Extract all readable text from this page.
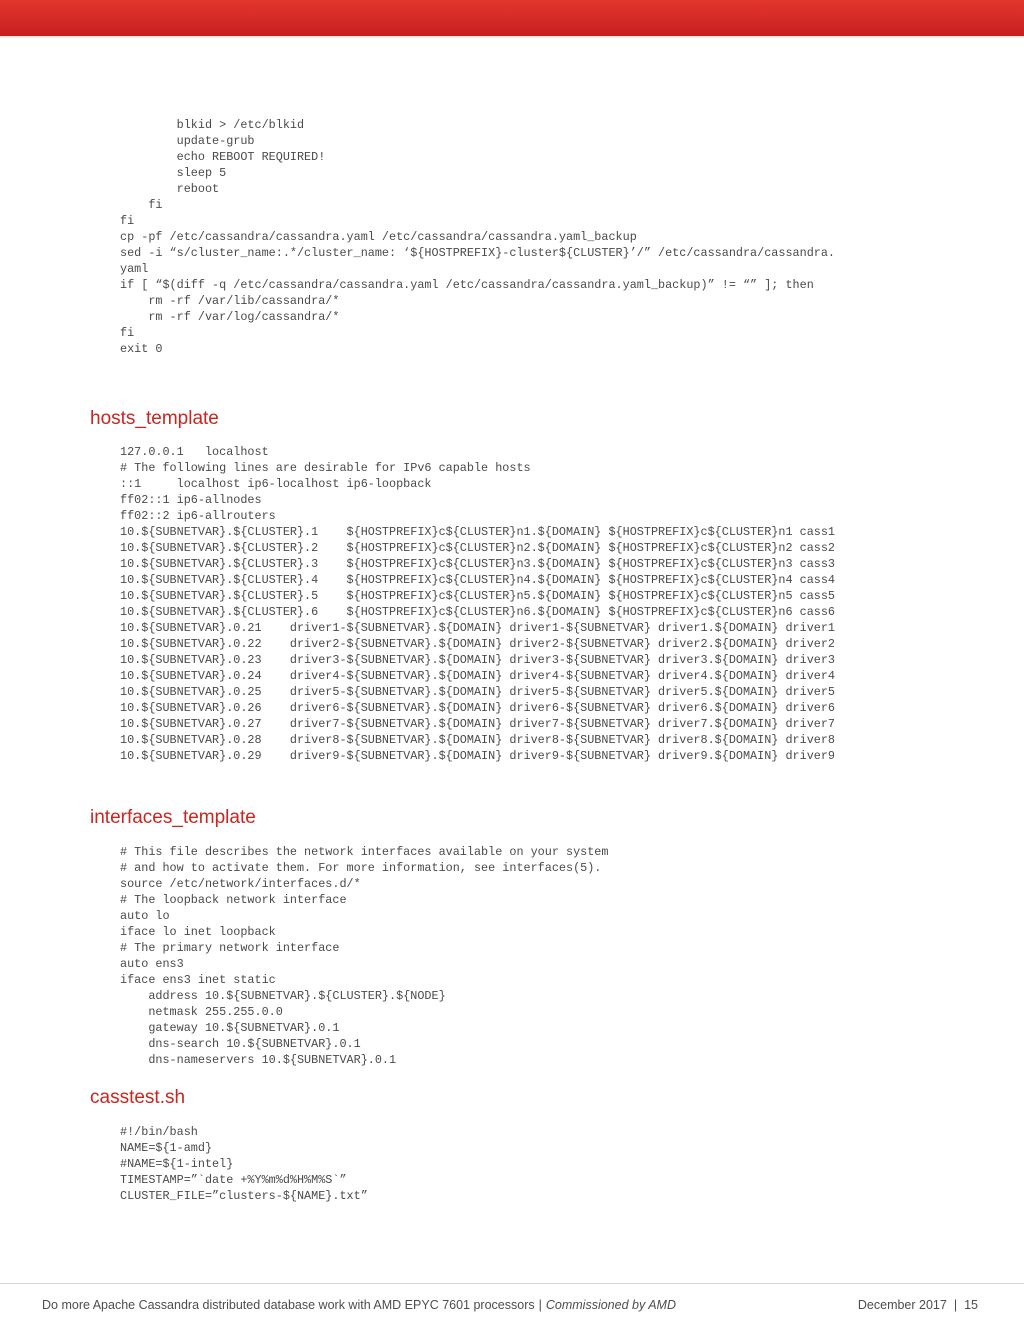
blkid > /etc/blkid
update-grub
echo REBOOT REQUIRED!
sleep 5
reboot
fi
fi
cp -pf /etc/cassandra/cassandra.yaml /etc/cassandra/cassandra.yaml_backup
sed -i “s/cluster_name:.*/cluster_name: ‘${HOSTPREFIX}-cluster${CLUSTER}’/” /etc/cassandra/cassandra.
yaml
if [ “$(diff -q /etc/cassandra/cassandra.yaml /etc/cassandra/cassandra.yaml_backup)” != “” ]; then
rm -rf /var/lib/cassandra/*
rm -rf /var/log/cassandra/*
fi
exit 0
hosts_template
127.0.0.1   localhost
# The following lines are desirable for IPv6 capable hosts
::1     localhost ip6-localhost ip6-loopback
ff02::1 ip6-allnodes
ff02::2 ip6-allrouters
10.${SUBNETVAR}.${CLUSTER}.1    ${HOSTPREFIX}c${CLUSTER}n1.${DOMAIN} ${HOSTPREFIX}c${CLUSTER}n1 cass1
10.${SUBNETVAR}.${CLUSTER}.2    ${HOSTPREFIX}c${CLUSTER}n2.${DOMAIN} ${HOSTPREFIX}c${CLUSTER}n2 cass2
10.${SUBNETVAR}.${CLUSTER}.3    ${HOSTPREFIX}c${CLUSTER}n3.${DOMAIN} ${HOSTPREFIX}c${CLUSTER}n3 cass3
10.${SUBNETVAR}.${CLUSTER}.4    ${HOSTPREFIX}c${CLUSTER}n4.${DOMAIN} ${HOSTPREFIX}c${CLUSTER}n4 cass4
10.${SUBNETVAR}.${CLUSTER}.5    ${HOSTPREFIX}c${CLUSTER}n5.${DOMAIN} ${HOSTPREFIX}c${CLUSTER}n5 cass5
10.${SUBNETVAR}.${CLUSTER}.6    ${HOSTPREFIX}c${CLUSTER}n6.${DOMAIN} ${HOSTPREFIX}c${CLUSTER}n6 cass6
10.${SUBNETVAR}.0.21    driver1-${SUBNETVAR}.${DOMAIN} driver1-${SUBNETVAR} driver1.${DOMAIN} driver1
10.${SUBNETVAR}.0.22    driver2-${SUBNETVAR}.${DOMAIN} driver2-${SUBNETVAR} driver2.${DOMAIN} driver2
10.${SUBNETVAR}.0.23    driver3-${SUBNETVAR}.${DOMAIN} driver3-${SUBNETVAR} driver3.${DOMAIN} driver3
10.${SUBNETVAR}.0.24    driver4-${SUBNETVAR}.${DOMAIN} driver4-${SUBNETVAR} driver4.${DOMAIN} driver4
10.${SUBNETVAR}.0.25    driver5-${SUBNETVAR}.${DOMAIN} driver5-${SUBNETVAR} driver5.${DOMAIN} driver5
10.${SUBNETVAR}.0.26    driver6-${SUBNETVAR}.${DOMAIN} driver6-${SUBNETVAR} driver6.${DOMAIN} driver6
10.${SUBNETVAR}.0.27    driver7-${SUBNETVAR}.${DOMAIN} driver7-${SUBNETVAR} driver7.${DOMAIN} driver7
10.${SUBNETVAR}.0.28    driver8-${SUBNETVAR}.${DOMAIN} driver8-${SUBNETVAR} driver8.${DOMAIN} driver8
10.${SUBNETVAR}.0.29    driver9-${SUBNETVAR}.${DOMAIN} driver9-${SUBNETVAR} driver9.${DOMAIN} driver9
interfaces_template
# This file describes the network interfaces available on your system
# and how to activate them. For more information, see interfaces(5).
source /etc/network/interfaces.d/*
# The loopback network interface
auto lo
iface lo inet loopback
# The primary network interface
auto ens3
iface ens3 inet static
address 10.${SUBNETVAR}.${CLUSTER}.${NODE}
netmask 255.255.0.0
gateway 10.${SUBNETVAR}.0.1
dns-search 10.${SUBNETVAR}.0.1
dns-nameservers 10.${SUBNETVAR}.0.1
casstest.sh
#!/bin/bash
NAME=${1-amd}
#NAME=${1-intel}
TIMESTAMP=”`date +%Y%m%d%H%M%S`”
CLUSTER_FILE=”clusters-${NAME}.txt”
Do more Apache Cassandra distributed database work with AMD EPYC 7601 processors | Commissioned by AMD	December 2017 | 15
